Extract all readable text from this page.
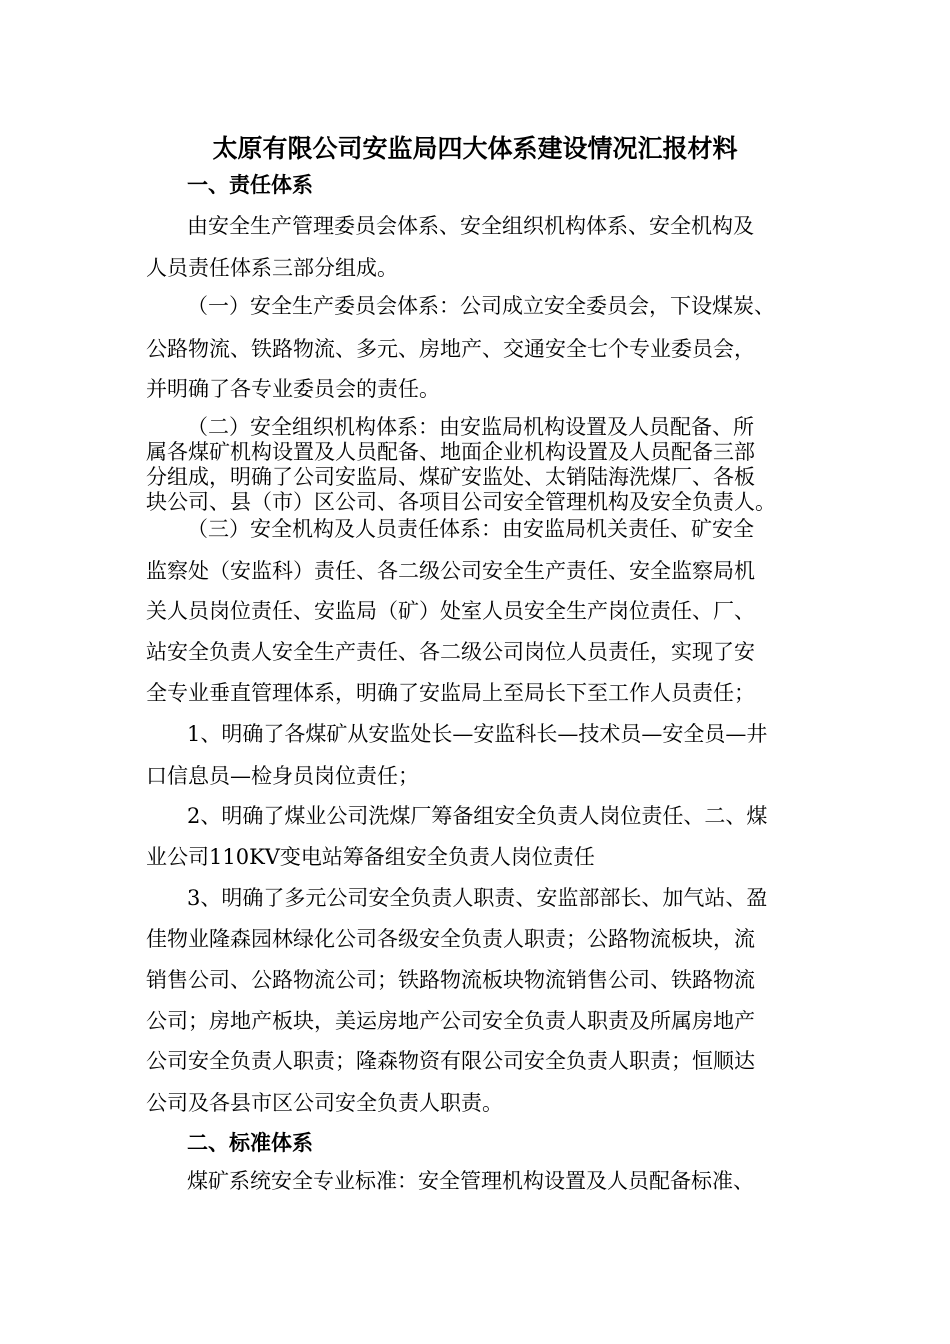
太原有限公司安监局四大体系建设情况汇报材料

一、责任体系

由安全生产管理委员会体系、安全组织机构体系、安全机构及

人员责任体系三部分组成。

（一）安全生产委员会体系：公司成立安全委员会，下设煤炭、

公路物流、铁路物流、多元、房地产、交通安全七个专业委员会，

并明确了各专业委员会的责任。

（二）安全组织机构体系：由安监局机构设置及人员配备、所

属各煤矿机构设置及人员配备、地面企业机构设置及人员配备三部

分组成，明确了公司安监局、煤矿安监处、太销陆海洗煤厂、各板

块公司、县（市）区公司、各项目公司安全管理机构及安全负责人。

（三）安全机构及人员责任体系：由安监局机关责任、矿安全

监察处（安监科）责任、各二级公司安全生产责任、安全监察局机

关人员岗位责任、安监局（矿）处室人员安全生产岗位责任、厂、

站安全负责人安全生产责任、各二级公司岗位人员责任，实现了安

全专业垂直管理体系，明确了安监局上至局长下至工作人员责任；

1、明确了各煤矿从安监处长—安监科长—技术员—安全员—井

口信息员—检身员岗位责任；

2、明确了煤业公司洗煤厂筹备组安全负责人岗位责任、二、煤

业公司110KV变电站筹备组安全负责人岗位责任

3、明确了多元公司安全负责人职责、安监部部长、加气站、盈

佳物业隆森园林绿化公司各级安全负责人职责；公路物流板块，流

销售公司、公路物流公司；铁路物流板块物流销售公司、铁路物流

公司；房地产板块，美运房地产公司安全负责人职责及所属房地产

公司安全负责人职责；隆森物资有限公司安全负责人职责；恒顺达

公司及各县市区公司安全负责人职责。

二、标准体系

煤矿系统安全专业标准：安全管理机构设置及人员配备标准、
